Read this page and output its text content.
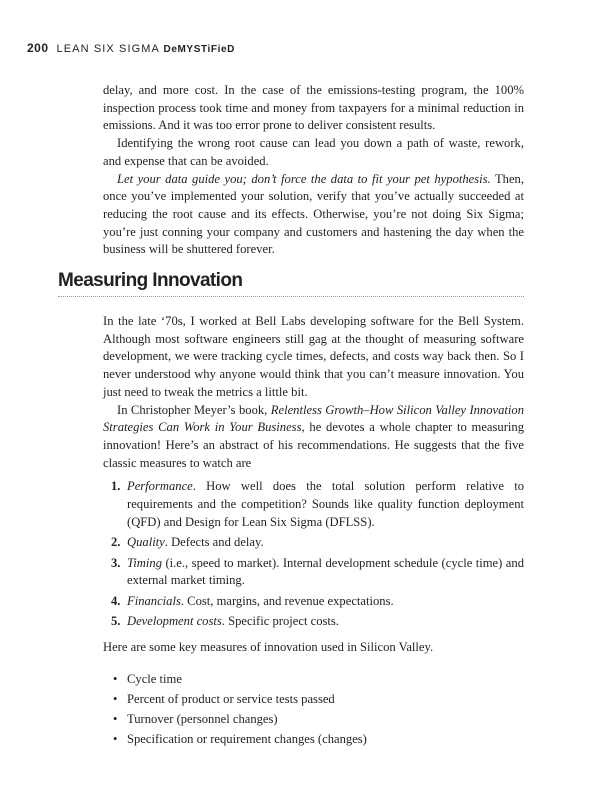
200 LEAN SIX SIGMA DeMYSTiFieD

delay, and more cost. In the case of the emissions-testing program, the 100% inspection process took time and money from taxpayers for a minimal reduction in emissions. And it was too error prone to deliver consistent results.

Identifying the wrong root cause can lead you down a path of waste, rework, and expense that can be avoided.

Let your data guide you; don’t force the data to fit your pet hypothesis. Then, once you’ve implemented your solution, verify that you’ve actually succeeded at reducing the root cause and its effects. Otherwise, you’re not doing Six Sigma; you’re just conning your company and customers and hastening the day when the business will be shuttered forever.

Measuring Innovation

In the late ‘70s, I worked at Bell Labs developing software for the Bell System. Although most software engineers still gag at the thought of measuring software development, we were tracking cycle times, defects, and costs way back then. So I never understood why anyone would think that you can’t measure innovation. You just need to tweak the metrics a little bit.

In Christopher Meyer’s book, Relentless Growth–How Silicon Valley Innovation Strategies Can Work in Your Business, he devotes a whole chapter to measuring innovation! Here’s an abstract of his recommendations. He suggests that the five classic measures to watch are

1. Performance. How well does the total solution perform relative to requirements and the competition? Sounds like quality function deployment (QFD) and Design for Lean Six Sigma (DFLSS).
2. Quality. Defects and delay.
3. Timing (i.e., speed to market). Internal development schedule (cycle time) and external market timing.
4. Financials. Cost, margins, and revenue expectations.
5. Development costs. Specific project costs.

Here are some key measures of innovation used in Silicon Valley.

• Cycle time
• Percent of product or service tests passed
• Turnover (personnel changes)
• Specification or requirement changes (changes)
